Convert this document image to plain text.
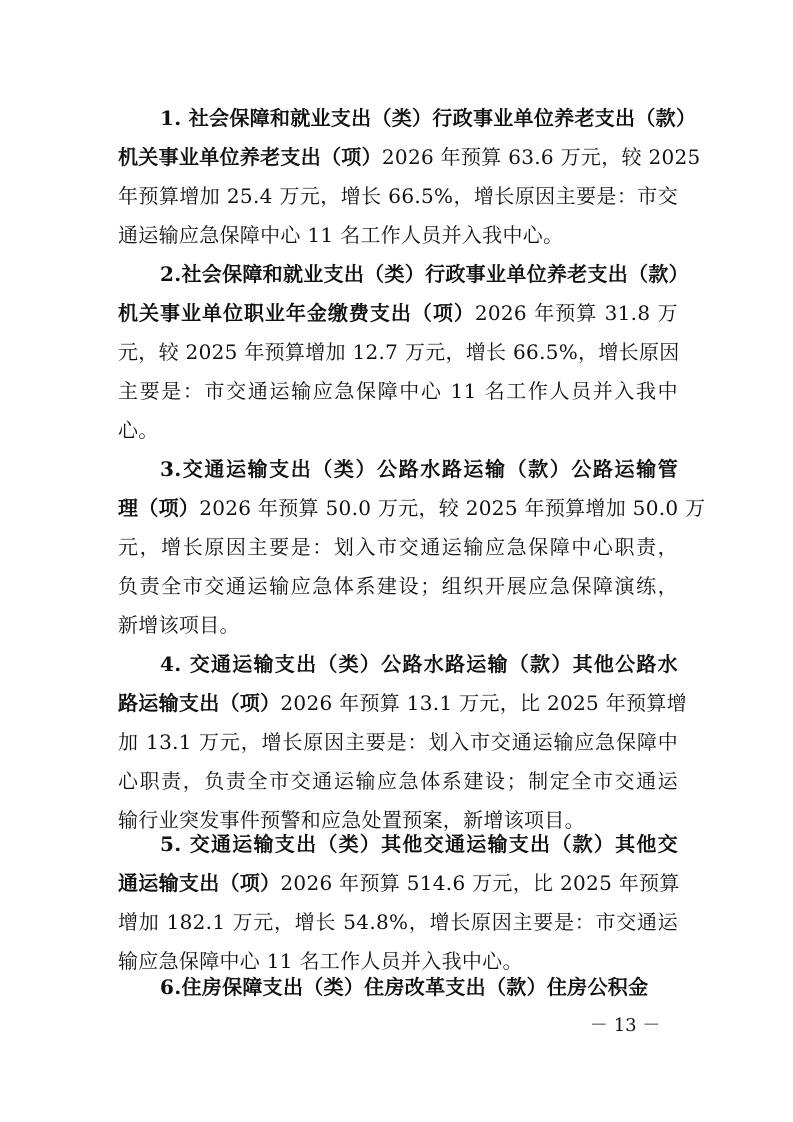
1. 社会保障和就业支出（类）行政事业单位养老支出（款）
机关事业单位养老支出（项）2026 年预算 63.6 万元，较 2025
年预算增加 25.4 万元，增长 66.5%，增长原因主要是：市交
通运输应急保障中心 11 名工作人员并入我中心。
2.社会保障和就业支出（类）行政事业单位养老支出（款）
机关事业单位职业年金缴费支出（项）2026 年预算 31.8 万
元，较 2025 年预算增加 12.7 万元，增长 66.5%，增长原因
主要是：市交通运输应急保障中心 11 名工作人员并入我中
心。
3.交通运输支出（类）公路水路运输（款）公路运输管
理（项）2026 年预算 50.0 万元，较 2025 年预算增加 50.0 万
元，增长原因主要是：划入市交通运输应急保障中心职责，
负责全市交通运输应急体系建设；组织开展应急保障演练，
新增该项目。
4. 交通运输支出（类）公路水路运输（款）其他公路水
路运输支出（项）2026 年预算 13.1 万元，比 2025 年预算增
加 13.1 万元，增长原因主要是：划入市交通运输应急保障中
心职责，负责全市交通运输应急体系建设；制定全市交通运
输行业突发事件预警和应急处置预案，新增该项目。
5. 交通运输支出（类）其他交通运输支出（款）其他交
通运输支出（项）2026 年预算 514.6 万元，比 2025 年预算
增加 182.1 万元，增长 54.8%，增长原因主要是：市交通运
输应急保障中心 11 名工作人员并入我中心。
6.住房保障支出（类）住房改革支出（款）住房公积金
－ 13 －
